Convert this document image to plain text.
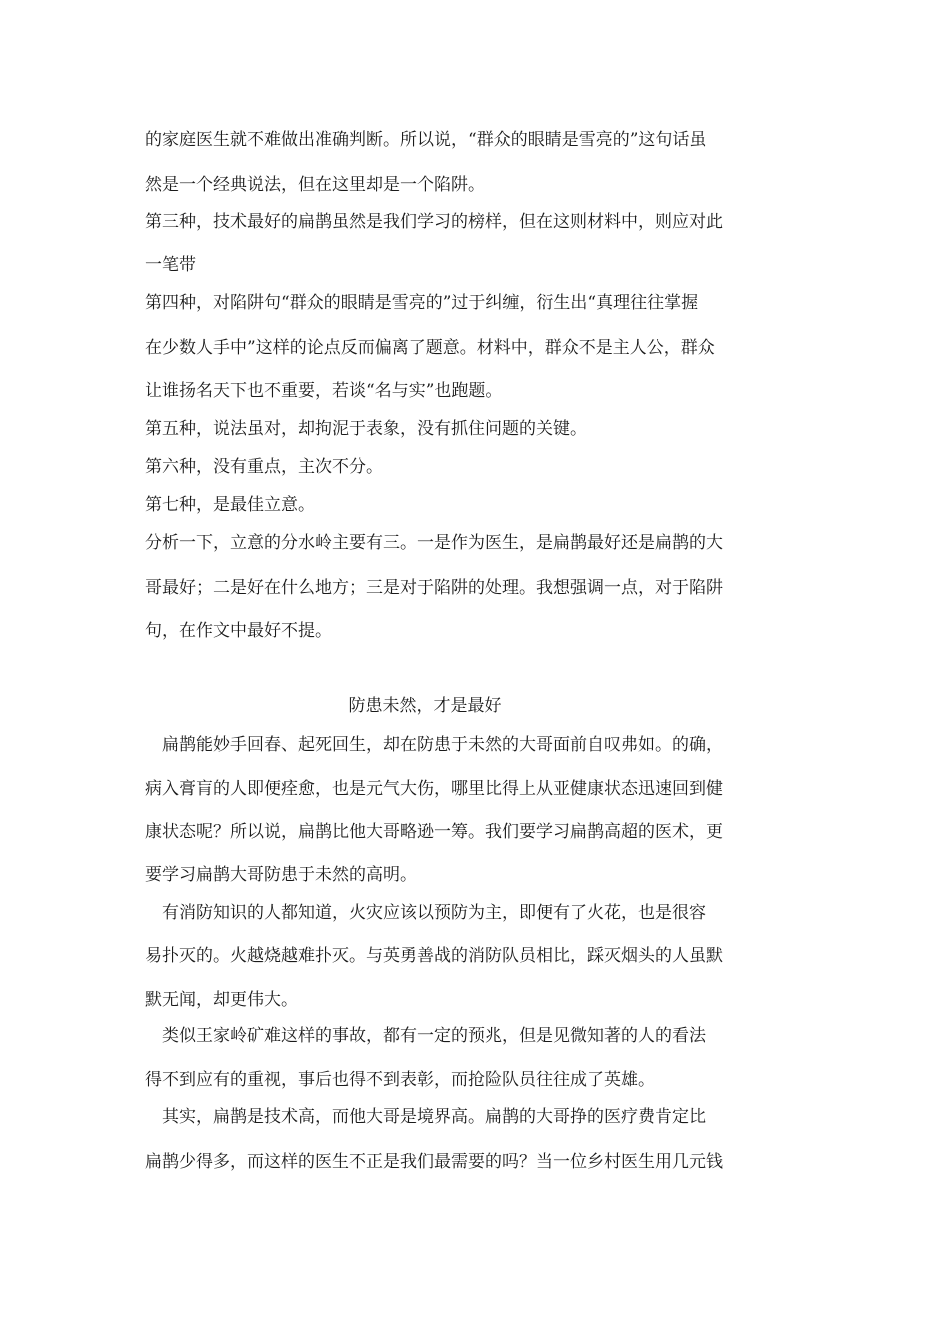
的家庭医生就不难做出准确判断。所以说，“群众的眼睛是雪亮的”这句话虽
然是一个经典说法，但在这里却是一个陷阱。
第三种，技术最好的扁鹊虽然是我们学习的榜样，但在这则材料中，则应对此
一笔带
第四种，对陷阱句“群众的眼睛是雪亮的”过于纠缠，衍生出“真理往往掌握
在少数人手中”这样的论点反而偏离了题意。材料中，群众不是主人公，群众
让谁扬名天下也不重要，若谈“名与实”也跑题。
第五种，说法虽对，却拘泥于表象，没有抓住问题的关键。
第六种，没有重点，主次不分。
第七种，是最佳立意。
分析一下，立意的分水岭主要有三。一是作为医生，是扁鹊最好还是扁鹊的大
哥最好；二是好在什么地方；三是对于陷阱的处理。我想强调一点，对于陷阱
句，在作文中最好不提。
防患未然，才是最好
　扁鹊能妙手回春、起死回生，却在防患于未然的大哥面前自叹弗如。的确，
病入膏肓的人即便痊愈，也是元气大伤，哪里比得上从亚健康状态迅速回到健
康状态呢？所以说，扁鹊比他大哥略逊一筹。我们要学习扁鹊高超的医术，更
要学习扁鹊大哥防患于未然的高明。
　有消防知识的人都知道，火灾应该以预防为主，即便有了火花，也是很容
易扑灭的。火越烧越难扑灭。与英勇善战的消防队员相比，踩灭烟头的人虽默
默无闻，却更伟大。
　类似王家岭矿难这样的事故，都有一定的预兆，但是见微知著的人的看法
得不到应有的重视，事后也得不到表彰，而抢险队员往往成了英雄。
　其实，扁鹊是技术高，而他大哥是境界高。扁鹊的大哥挣的医疗费肯定比
扁鹊少得多，而这样的医生不正是我们最需要的吗？当一位乡村医生用几元钱
